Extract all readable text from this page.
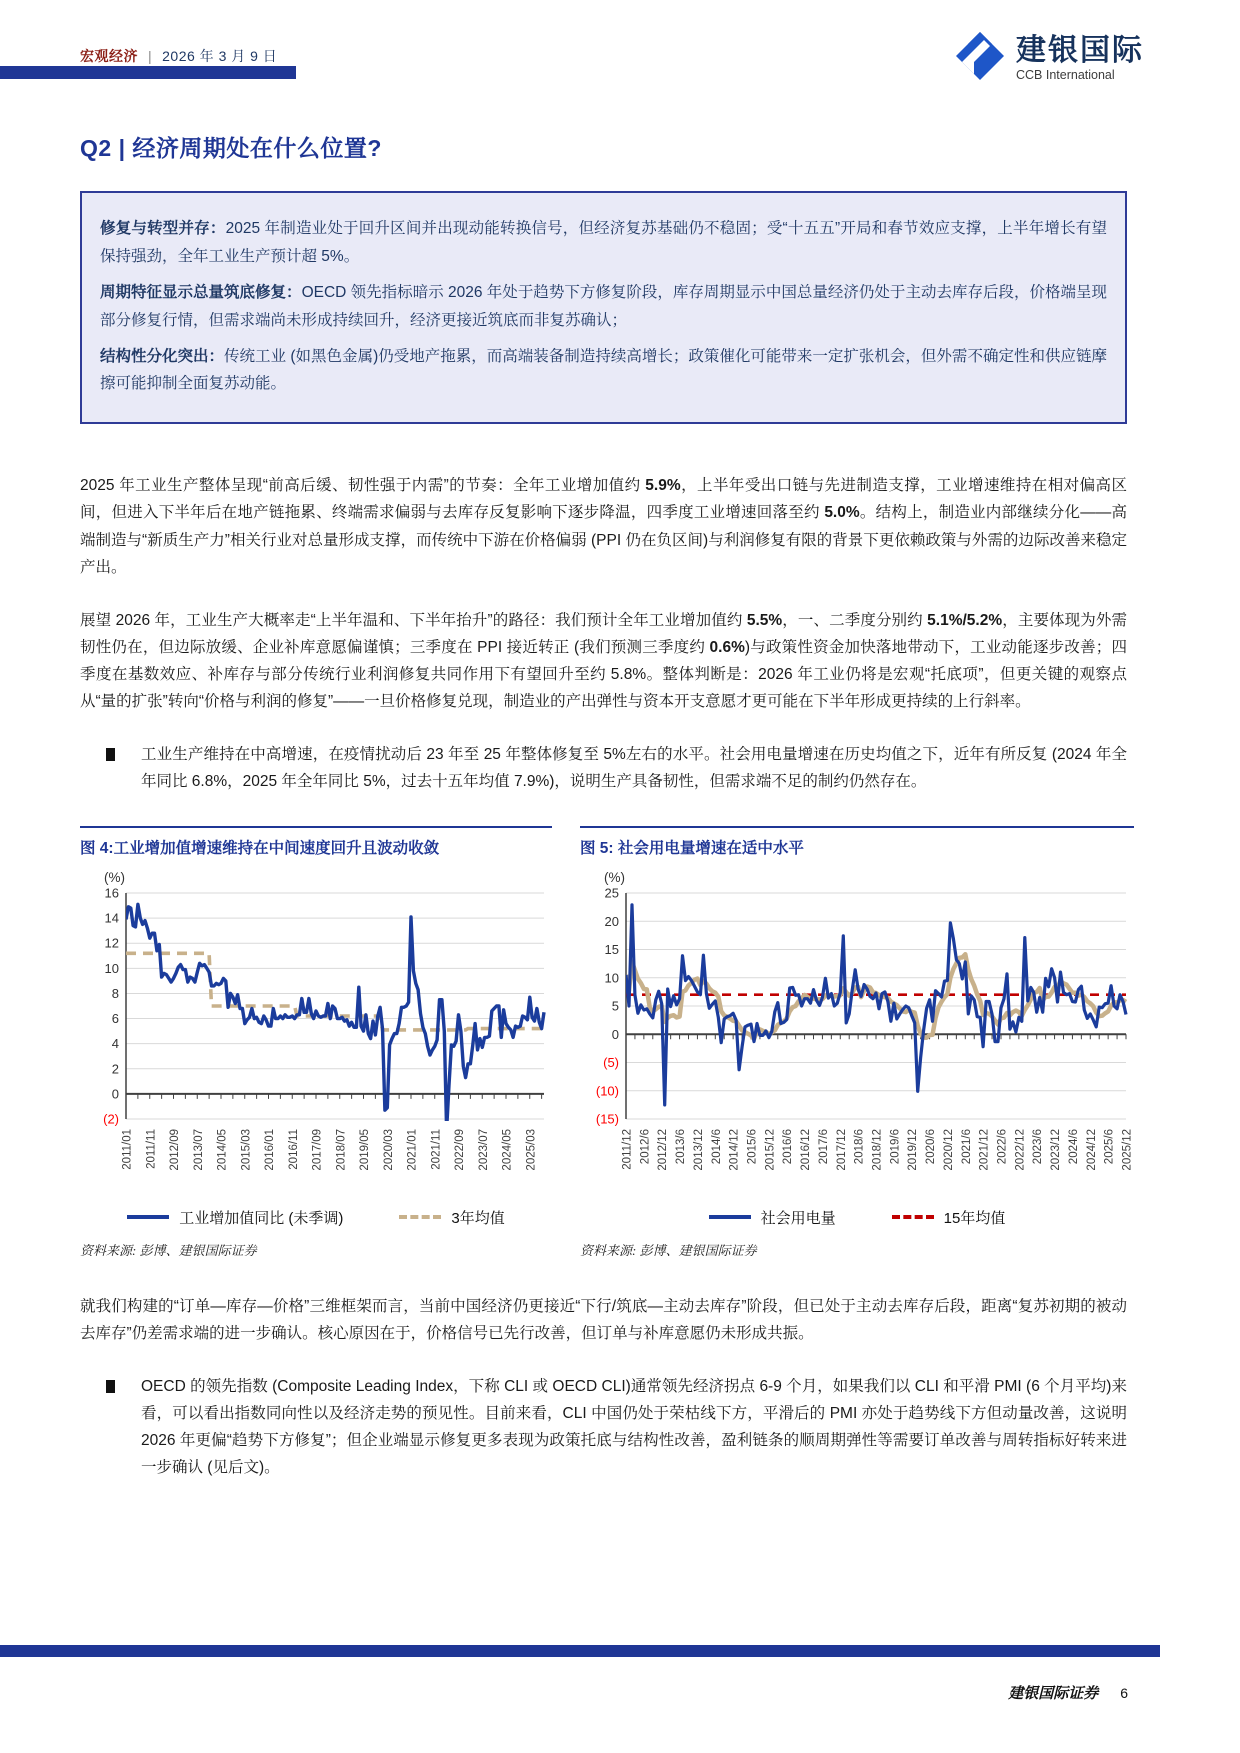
宏观经济 | 2026 年 3 月 9 日	建银国际
CCB International
Q2 | 经济周期处在什么位置?

修复与转型并存：2025 年制造业处于回升区间并出现动能转换信号，但经济复苏基础仍不稳固；受“十五五”开局和春节效应支撑，上半年增长有望保持强劲，全年工业生产预计超 5%。

周期特征显示总量筑底修复：OECD 领先指标暗示 2026 年处于趋势下方修复阶段，库存周期显示中国总量经济仍处于主动去库存后段，价格端呈现部分修复行情，但需求端尚未形成持续回升，经济更接近筑底而非复苏确认；

结构性分化突出：传统工业 (如黑色金属)仍受地产拖累，而高端装备制造持续高增长；政策催化可能带来一定扩张机会，但外需不确定性和供应链摩擦可能抑制全面复苏动能。

2025 年工业生产整体呈现“前高后缓、韧性强于内需”的节奏：全年工业增加值约 5.9%，上半年受出口链与先进制造支撑，工业增速维持在相对偏高区间，但进入下半年后在地产链拖累、终端需求偏弱与去库存反复影响下逐步降温，四季度工业增速回落至约 5.0%。结构上，制造业内部继续分化——高端制造与“新质生产力”相关行业对总量形成支撑，而传统中下游在价格偏弱 (PPI 仍在负区间)与利润修复有限的背景下更依赖政策与外需的边际改善来稳定产出。

展望 2026 年，工业生产大概率走“上半年温和、下半年抬升”的路径：我们预计全年工业增加值约 5.5%，一、二季度分别约 5.1%/5.2%，主要体现为外需韧性仍在，但边际放缓、企业补库意愿偏谨慎；三季度在 PPI 接近转正 (我们预测三季度约 0.6%)与政策性资金加快落地带动下，工业动能逐步改善；四季度在基数效应、补库存与部分传统行业利润修复共同作用下有望回升至约 5.8%。整体判断是：2026 年工业仍将是宏观“托底项”，但更关键的观察点从“量的扩张”转向“价格与利润的修复”——一旦价格修复兑现，制造业的产出弹性与资本开支意愿才更可能在下半年形成更持续的上行斜率。

工业生产维持在中高增速，在疫情扰动后 23 年至 25 年整体修复至 5%左右的水平。社会用电量增速在历史均值之下，近年有所反复 (2024 年全年同比 6.8%，2025 年全年同比 5%，过去十五年均值 7.9%)，说明生产具备韧性，但需求端不足的制约仍然存在。
图 4:工业增加值增速维持在中间速度回升且波动收敛
(%)
(2)
0
2
4
6
8
10
12
14
16
2011/01 2011/11 2012/09 2013/07 2014/05 2015/03 2016/01 2016/11 2017/09 2018/07 2019/05 2020/03 2021/01 2021/11 2022/09 2023/07 2024/05 2025/03
工业增加值同比 (未季调)	3年均值
资料来源: 彭博、建银国际证券
图 5: 社会用电量增速在适中水平
(%)
(15)
(10)
(5)
0
5
10
15
20
25
2011/12 2012/6 2012/12 2013/6 2013/12 2014/6 2014/12 2015/6 2015/12 2016/6 2016/12 2017/6 2017/12 2018/6 2018/12 2019/6 2019/12 2020/6 2020/12 2021/6 2021/12 2022/6 2022/12 2023/6 2023/12 2024/6 2024/12 2025/6 2025/12
社会用电量	15年均值
资料来源: 彭博、建银国际证券

就我们构建的“订单—库存—价格”三维框架而言，当前中国经济仍更接近“下行/筑底—主动去库存”阶段，但已处于主动去库存后段，距离“复苏初期的被动去库存”仍差需求端的进一步确认。核心原因在于，价格信号已先行改善，但订单与补库意愿仍未形成共振。

OECD 的领先指数 (Composite Leading Index，下称 CLI 或 OECD CLI)通常领先经济拐点 6-9 个月，如果我们以 CLI 和平滑 PMI (6 个月平均)来看，可以看出指数同向性以及经济走势的预见性。目前来看，CLI 中国仍处于荣枯线下方，平滑后的 PMI 亦处于趋势线下方但动量改善，这说明 2026 年更偏“趋势下方修复”；但企业端显示修复更多表现为政策托底与结构性改善，盈利链条的顺周期弹性等需要订单改善与周转指标好转来进一步确认 (见后文)。
建银国际证券 6
